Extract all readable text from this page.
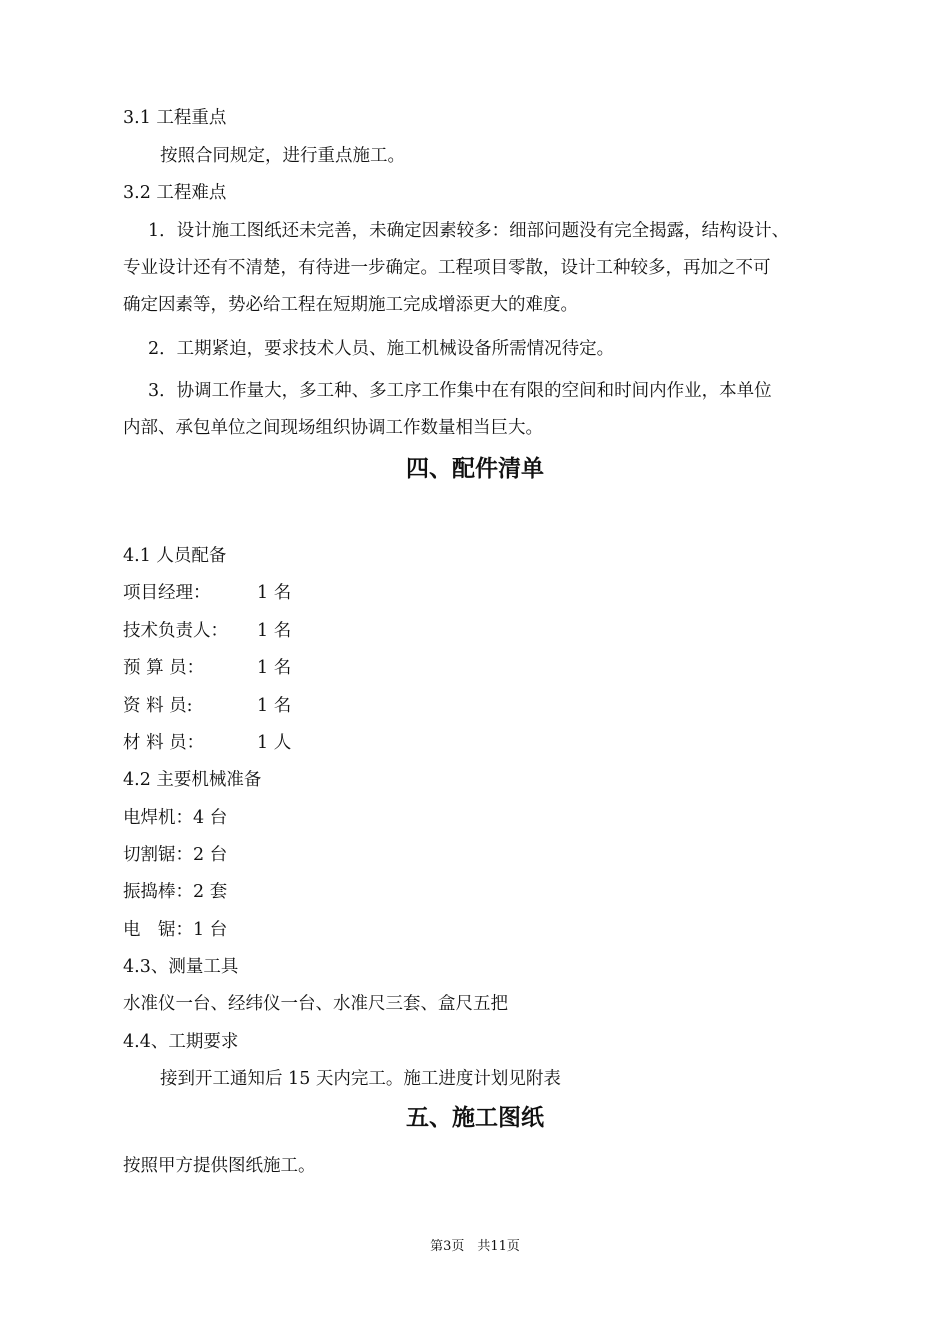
3.1 工程重点
按照合同规定，进行重点施工。
3.2 工程难点
1．设计施工图纸还未完善，未确定因素较多：细部问题没有完全揭露，结构设计、
专业设计还有不清楚，有待进一步确定。工程项目零散，设计工种较多，再加之不可
确定因素等，势必给工程在短期施工完成增添更大的难度。
2．工期紧迫，要求技术人员、施工机械设备所需情况待定。
3．协调工作量大，多工种、多工序工作集中在有限的空间和时间内作业，本单位
内部、承包单位之间现场组织协调工作数量相当巨大。
四、配件清单
4.1 人员配备
项目经理：	1 名
技术负责人： 1 名
预 算 员：	1 名
资 料 员:	1 名
材 料 员：	1 人
4.2 主要机械准备
电焊机：4 台
切割锯：2 台
振捣棒：2 套
电　锯：1 台
4.3、测量工具
水准仪一台、经纬仪一台、水准尺三套、盒尺五把
4.4、工期要求
接到开工通知后 15 天内完工。施工进度计划见附表
五、施工图纸
按照甲方提供图纸施工。
第3页　共11页
